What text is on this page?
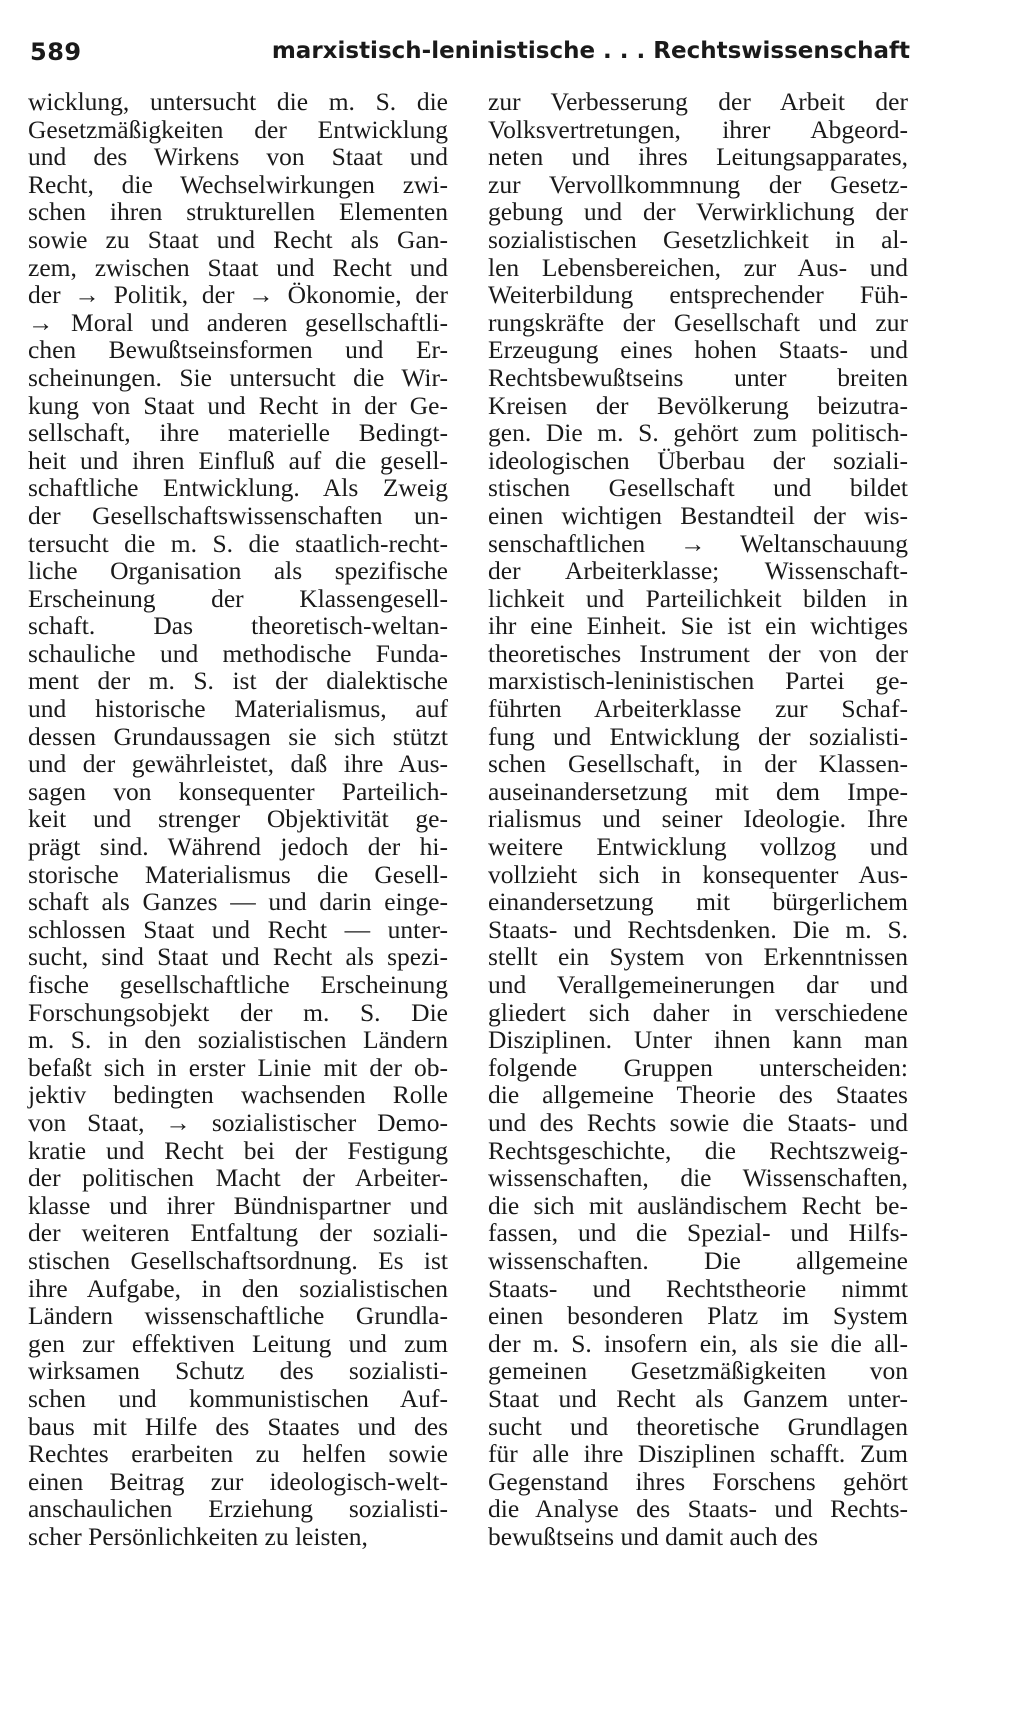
589	marxistisch-leninistische . . . Rechtswissenschaft
wicklung, untersucht die m. S. die
Gesetzmäßigkeiten der Entwicklung
und des Wirkens von Staat und
Recht, die Wechselwirkungen zwi-
schen ihren strukturellen Elementen
sowie zu Staat und Recht als Gan-
zem, zwischen Staat und Recht und
der → Politik, der → Ökonomie, der
→ Moral und anderen gesellschaftli-
chen Bewußtseinsformen und Er-
scheinungen. Sie untersucht die Wir-
kung von Staat und Recht in der Ge-
sellschaft, ihre materielle Bedingt-
heit und ihren Einfluß auf die gesell-
schaftliche Entwicklung. Als Zweig
der Gesellschaftswissenschaften un-
tersucht die m. S. die staatlich-recht-
liche Organisation als spezifische
Erscheinung der Klassengesell-
schaft. Das theoretisch-weltan-
schauliche und methodische Funda-
ment der m. S. ist der dialektische
und historische Materialismus, auf
dessen Grundaussagen sie sich stützt
und der gewährleistet, daß ihre Aus-
sagen von konsequenter Parteilich-
keit und strenger Objektivität ge-
prägt sind. Während jedoch der hi-
storische Materialismus die Gesell-
schaft als Ganzes — und darin einge-
schlossen Staat und Recht — unter-
sucht, sind Staat und Recht als spezi-
fische gesellschaftliche Erscheinung
Forschungsobjekt der m. S. Die
m. S. in den sozialistischen Ländern
befaßt sich in erster Linie mit der ob-
jektiv bedingten wachsenden Rolle
von Staat, → sozialistischer Demo-
kratie und Recht bei der Festigung
der politischen Macht der Arbeiter-
klasse und ihrer Bündnispartner und
der weiteren Entfaltung der soziali-
stischen Gesellschaftsordnung. Es ist
ihre Aufgabe, in den sozialistischen
Ländern wissenschaftliche Grundla-
gen zur effektiven Leitung und zum
wirksamen Schutz des sozialisti-
schen und kommunistischen Auf-
baus mit Hilfe des Staates und des
Rechtes erarbeiten zu helfen sowie
einen Beitrag zur ideologisch-welt-
anschaulichen Erziehung sozialisti-
scher Persönlichkeiten zu leisten,
zur Verbesserung der Arbeit der
Volksvertretungen, ihrer Abgeord-
neten und ihres Leitungsapparates,
zur Vervollkommnung der Gesetz-
gebung und der Verwirklichung der
sozialistischen Gesetzlichkeit in al-
len Lebensbereichen, zur Aus- und
Weiterbildung entsprechender Füh-
rungskräfte der Gesellschaft und zur
Erzeugung eines hohen Staats- und
Rechtsbewußtseins unter breiten
Kreisen der Bevölkerung beizutra-
gen. Die m. S. gehört zum politisch-
ideologischen Überbau der soziali-
stischen Gesellschaft und bildet
einen wichtigen Bestandteil der wis-
senschaftlichen → Weltanschauung
der Arbeiterklasse; Wissenschaft-
lichkeit und Parteilichkeit bilden in
ihr eine Einheit. Sie ist ein wichtiges
theoretisches Instrument der von der
marxistisch-leninistischen Partei ge-
führten Arbeiterklasse zur Schaf-
fung und Entwicklung der sozialisti-
schen Gesellschaft, in der Klassen-
auseinandersetzung mit dem Impe-
rialismus und seiner Ideologie. Ihre
weitere Entwicklung vollzog und
vollzieht sich in konsequenter Aus-
einandersetzung mit bürgerlichem
Staats- und Rechtsdenken. Die m. S.
stellt ein System von Erkenntnissen
und Verallgemeinerungen dar und
gliedert sich daher in verschiedene
Disziplinen. Unter ihnen kann man
folgende Gruppen unterscheiden:
die allgemeine Theorie des Staates
und des Rechts sowie die Staats- und
Rechtsgeschichte, die Rechtszweig-
wissenschaften, die Wissenschaften,
die sich mit ausländischem Recht be-
fassen, und die Spezial- und Hilfs-
wissenschaften. Die allgemeine
Staats- und Rechtstheorie nimmt
einen besonderen Platz im System
der m. S. insofern ein, als sie die all-
gemeinen Gesetzmäßigkeiten von
Staat und Recht als Ganzem unter-
sucht und theoretische Grundlagen
für alle ihre Disziplinen schafft. Zum
Gegenstand ihres Forschens gehört
die Analyse des Staats- und Rechts-
bewußtseins und damit auch des
